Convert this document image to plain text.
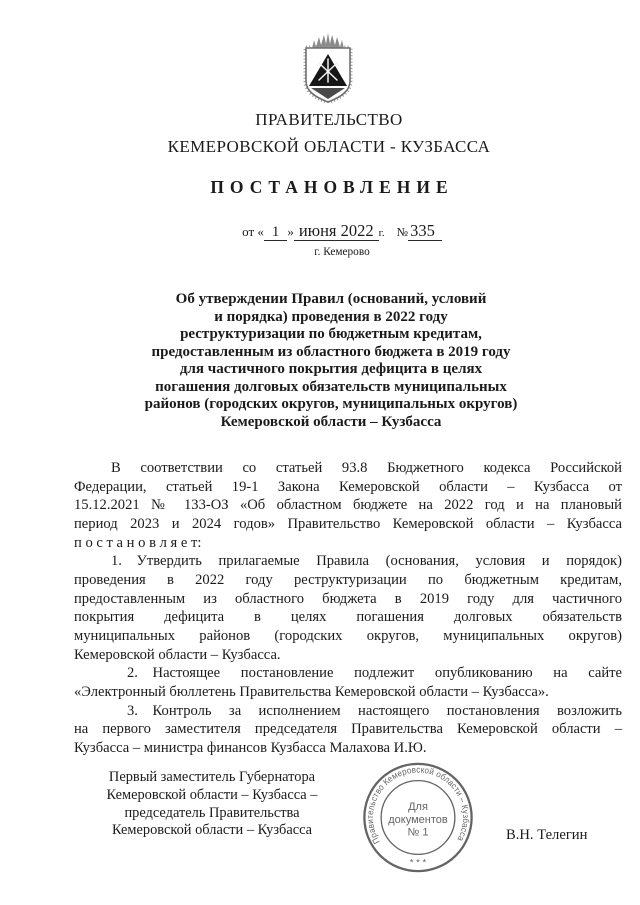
ПРАВИТЕЛЬСТВО
КЕМЕРОВСКОЙ ОБЛАСТИ - КУЗБАССА
ПОСТАНОВЛЕНИЕ
от « 1 » июня 2022 г. № 335
г. Кемерово
Об утверждении Правил (оснований, условий
и порядка) проведения в 2022 году
реструктуризации по бюджетным кредитам,
предоставленным из областного бюджета в 2019 году
для частичного покрытия дефицита в целях
погашения долговых обязательств муниципальных
районов (городских округов, муниципальных округов)
Кемеровской области – Кузбасса
В соответствии со статьей 93.8 Бюджетного кодекса Российской
Федерации, статьей 19-1 Закона Кемеровской области – Кузбасса от
15.12.2021 № 133-ОЗ «Об областном бюджете на 2022 год и на плановый
период 2023 и 2024 годов» Правительство Кемеровской области – Кузбасса
п о с т а н о в л я е т:
1. Утвердить прилагаемые Правила (основания, условия и порядок)
проведения в 2022 году реструктуризации по бюджетным кредитам,
предоставленным из областного бюджета в 2019 году для частичного
покрытия дефицита в целях погашения долговых обязательств
муниципальных районов (городских округов, муниципальных округов)
Кемеровской области – Кузбасса.
2. Настоящее постановление подлежит опубликованию на сайте
«Электронный бюллетень Правительства Кемеровской области – Кузбасса».
3. Контроль за исполнением настоящего постановления возложить
на первого заместителя председателя Правительства Кемеровской области –
Кузбасса – министра финансов Кузбасса Малахова И.Ю.
Первый заместитель Губернатора
Кемеровской области – Кузбасса –
председатель Правительства
Кемеровской области – Кузбасса
Правительство Кемеровской области – Кузбасса
* * *
Для
документов
№ 1	В.Н. Телегин
